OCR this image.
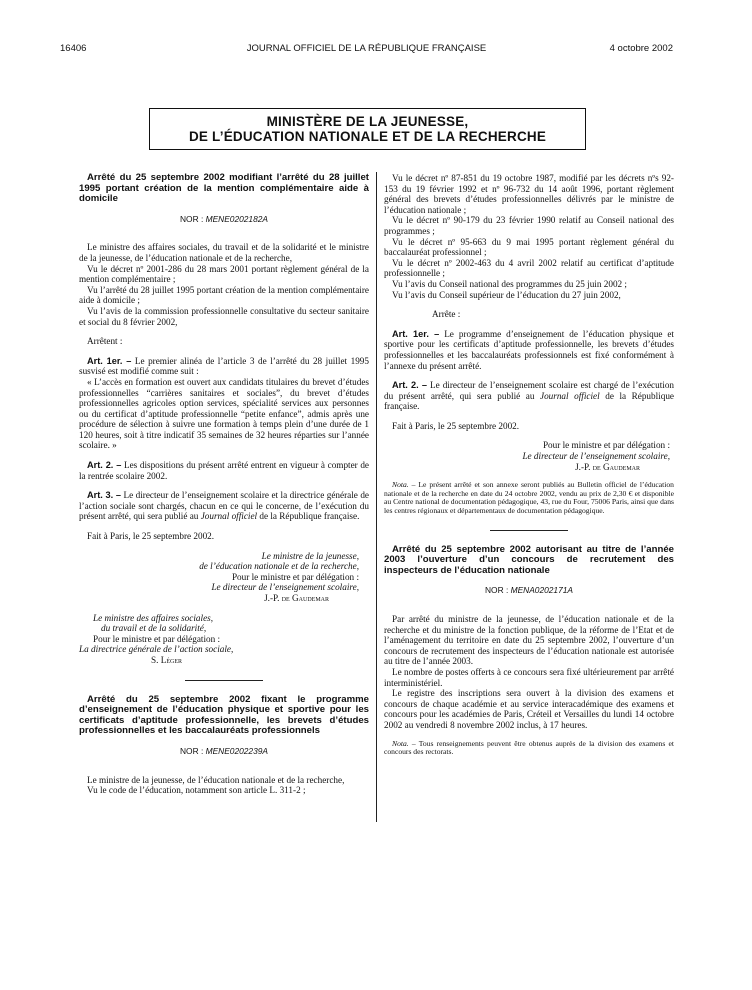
16406	JOURNAL OFFICIEL DE LA RÉPUBLIQUE FRANÇAISE	4 octobre 2002
MINISTÈRE DE LA JEUNESSE,
DE L’ÉDUCATION NATIONALE ET DE LA RECHERCHE

Arrêté du 25 septembre 2002 modifiant l’arrêté du 28 juillet 1995 portant création de la mention complémentaire aide à domicile

NOR : MENE0202182A

Le ministre des affaires sociales, du travail et de la solidarité et le ministre de la jeunesse, de l’éducation nationale et de la recherche,

Vu le décret nº 2001-286 du 28 mars 2001 portant règlement général de la mention complémentaire ;

Vu l’arrêté du 28 juillet 1995 portant création de la mention complémentaire aide à domicile ;

Vu l’avis de la commission professionnelle consultative du secteur sanitaire et social du 8 février 2002,

Arrêtent :

Art. 1er. – Le premier alinéa de l’article 3 de l’arrêté du 28 juillet 1995 susvisé est modifié comme suit :

« L’accès en formation est ouvert aux candidats titulaires du brevet d’études professionnelles “carrières sanitaires et sociales”, du brevet d’études professionnelles agricoles option services, spécialité services aux personnes ou du certificat d’aptitude professionnelle “petite enfance”, admis après une procédure de sélection à suivre une formation à temps plein d’une durée de 1 120 heures, soit à titre indicatif 35 semaines de 32 heures réparties sur l’année scolaire. »

Art. 2. – Les dispositions du présent arrêté entrent en vigueur à compter de la rentrée scolaire 2002.

Art. 3. – Le directeur de l’enseignement scolaire et la directrice générale de l’action sociale sont chargés, chacun en ce qui le concerne, de l’exécution du présent arrêté, qui sera publié au Journal officiel de la République française.

Fait à Paris, le 25 septembre 2002.

Le ministre de la jeunesse,

de l’éducation nationale et de la recherche,

Pour le ministre et par délégation :

Le directeur de l’enseignement scolaire,

J.-P. de Gaudemar

Le ministre des affaires sociales,

du travail et de la solidarité,

Pour le ministre et par délégation :

La directrice générale de l’action sociale,

S. Léger

Arrêté du 25 septembre 2002 fixant le programme d’enseignement de l’éducation physique et sportive pour les certificats d’aptitude professionnelle, les brevets d’études professionnelles et les baccalauréats professionnels

NOR : MENE0202239A

Le ministre de la jeunesse, de l’éducation nationale et de la recherche,

Vu le code de l’éducation, notamment son article L. 311-2 ;

Vu le décret nº 87-851 du 19 octobre 1987, modifié par les décrets nºs 92-153 du 19 février 1992 et nº 96-732 du 14 août 1996, portant règlement général des brevets d’études professionnelles délivrés par le ministre de l’éducation nationale ;

Vu le décret nº 90-179 du 23 février 1990 relatif au Conseil national des programmes ;

Vu le décret nº 95-663 du 9 mai 1995 portant règlement général du baccalauréat professionnel ;

Vu le décret nº 2002-463 du 4 avril 2002 relatif au certificat d’aptitude professionnelle ;

Vu l’avis du Conseil national des programmes du 25 juin 2002 ;

Vu l’avis du Conseil supérieur de l’éducation du 27 juin 2002,

Arrête :

Art. 1er. – Le programme d’enseignement de l’éducation physique et sportive pour les certificats d’aptitude professionnelle, les brevets d’études professionnelles et les baccalauréats professionnels est fixé conformément à l’annexe du présent arrêté.

Art. 2. – Le directeur de l’enseignement scolaire est chargé de l’exécution du présent arrêté, qui sera publié au Journal officiel de la République française.

Fait à Paris, le 25 septembre 2002.

Pour le ministre et par délégation :

Le directeur de l’enseignement scolaire,

J.-P. de Gaudemar

Nota. – Le présent arrêté et son annexe seront publiés au Bulletin officiel de l’éducation nationale et de la recherche en date du 24 octobre 2002, vendu au prix de 2,30 € et disponible au Centre national de documentation pédagogique, 43, rue du Four, 75006 Paris, ainsi que dans les centres régionaux et départementaux de documentation pédagogique.

Arrêté du 25 septembre 2002 autorisant au titre de l’année 2003 l’ouverture d’un concours de recrutement des inspecteurs de l’éducation nationale

NOR : MENA0202171A

Par arrêté du ministre de la jeunesse, de l’éducation nationale et de la recherche et du ministre de la fonction publique, de la réforme de l’Etat et de l’aménagement du territoire en date du 25 septembre 2002, l’ouverture d’un concours de recrutement des inspecteurs de l’éducation nationale est autorisée au titre de l’année 2003.

Le nombre de postes offerts à ce concours sera fixé ultérieurement par arrêté interministériel.

Le registre des inscriptions sera ouvert à la division des examens et concours de chaque académie et au service interacadémique des examens et concours pour les académies de Paris, Créteil et Versailles du lundi 14 octobre 2002 au vendredi 8 novembre 2002 inclus, à 17 heures.

Nota. – Tous renseignements peuvent être obtenus auprès de la division des examens et concours des rectorats.
